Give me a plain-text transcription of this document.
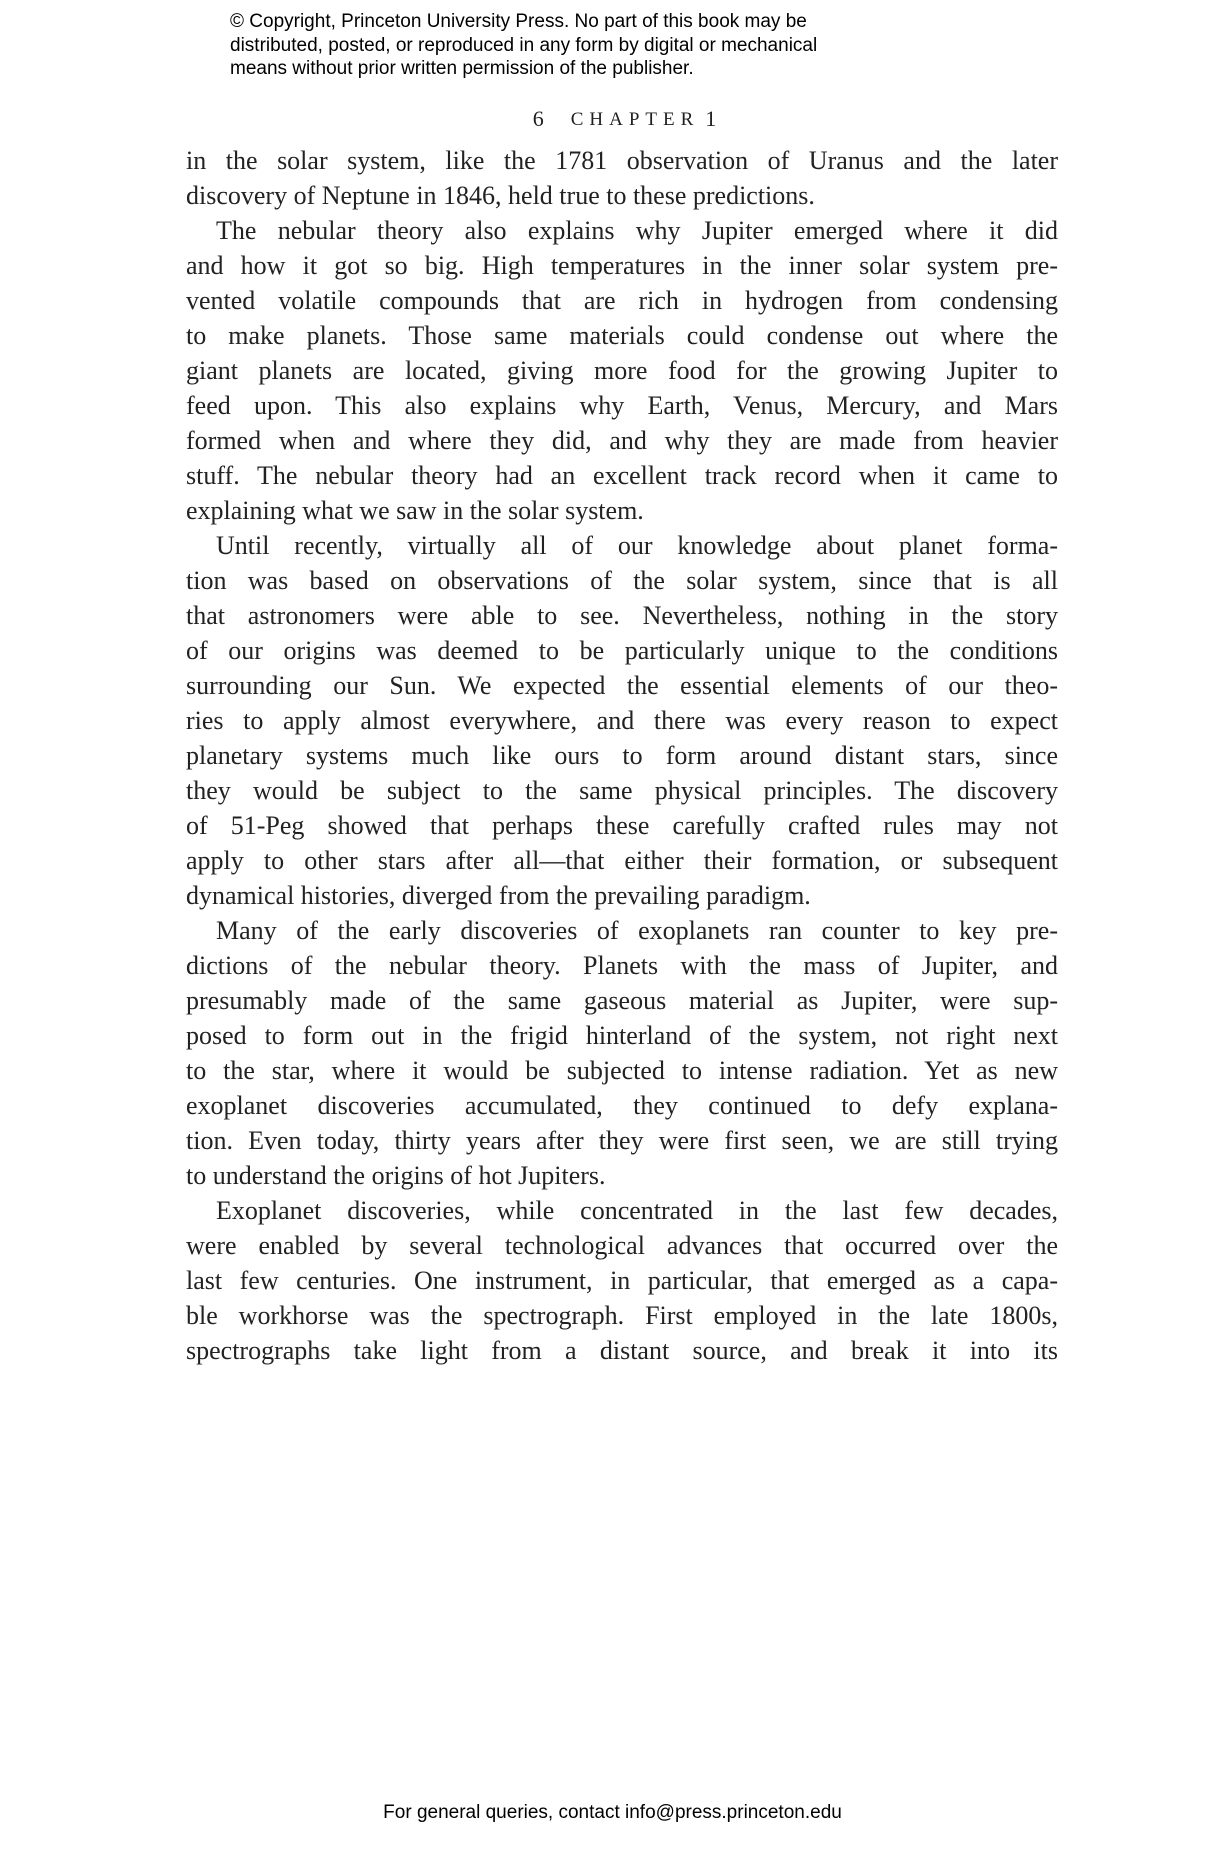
© Copyright, Princeton University Press. No part of this book may be
distributed, posted, or reproduced in any form by digital or mechanical
means without prior written permission of the publisher.
6 CHAPTER 1
in the solar system, like the 1781 observation of Uranus and the later
discovery of Neptune in 1846, held true to these predictions.
The nebular theory also explains why Jupiter emerged where it did
and how it got so big. High temperatures in the inner solar system pre-
vented volatile compounds that are rich in hydrogen from condensing
to make planets. Those same materials could condense out where the
giant planets are located, giving more food for the growing Jupiter to
feed upon. This also explains why Earth, Venus, Mercury, and Mars
formed when and where they did, and why they are made from heavier
stuff. The nebular theory had an excellent track record when it came to
explaining what we saw in the solar system.
Until recently, virtually all of our knowledge about planet forma-
tion was based on observations of the solar system, since that is all
that astronomers were able to see. Nevertheless, nothing in the story
of our origins was deemed to be particularly unique to the conditions
surrounding our Sun. We expected the essential elements of our theo-
ries to apply almost everywhere, and there was every reason to expect
planetary systems much like ours to form around distant stars, since
they would be subject to the same physical principles. The discovery
of 51-Peg showed that perhaps these carefully crafted rules may not
apply to other stars after all—that either their formation, or subsequent
dynamical histories, diverged from the prevailing paradigm.
Many of the early discoveries of exoplanets ran counter to key pre-
dictions of the nebular theory. Planets with the mass of Jupiter, and
presumably made of the same gaseous material as Jupiter, were sup-
posed to form out in the frigid hinterland of the system, not right next
to the star, where it would be subjected to intense radiation. Yet as new
exoplanet discoveries accumulated, they continued to defy explana-
tion. Even today, thirty years after they were first seen, we are still trying
to understand the origins of hot Jupiters.
Exoplanet discoveries, while concentrated in the last few decades,
were enabled by several technological advances that occurred over the
last few centuries. One instrument, in particular, that emerged as a capa-
ble workhorse was the spectrograph. First employed in the late 1800s,
spectrographs take light from a distant source, and break it into its
For general queries, contact info@press.princeton.edu
